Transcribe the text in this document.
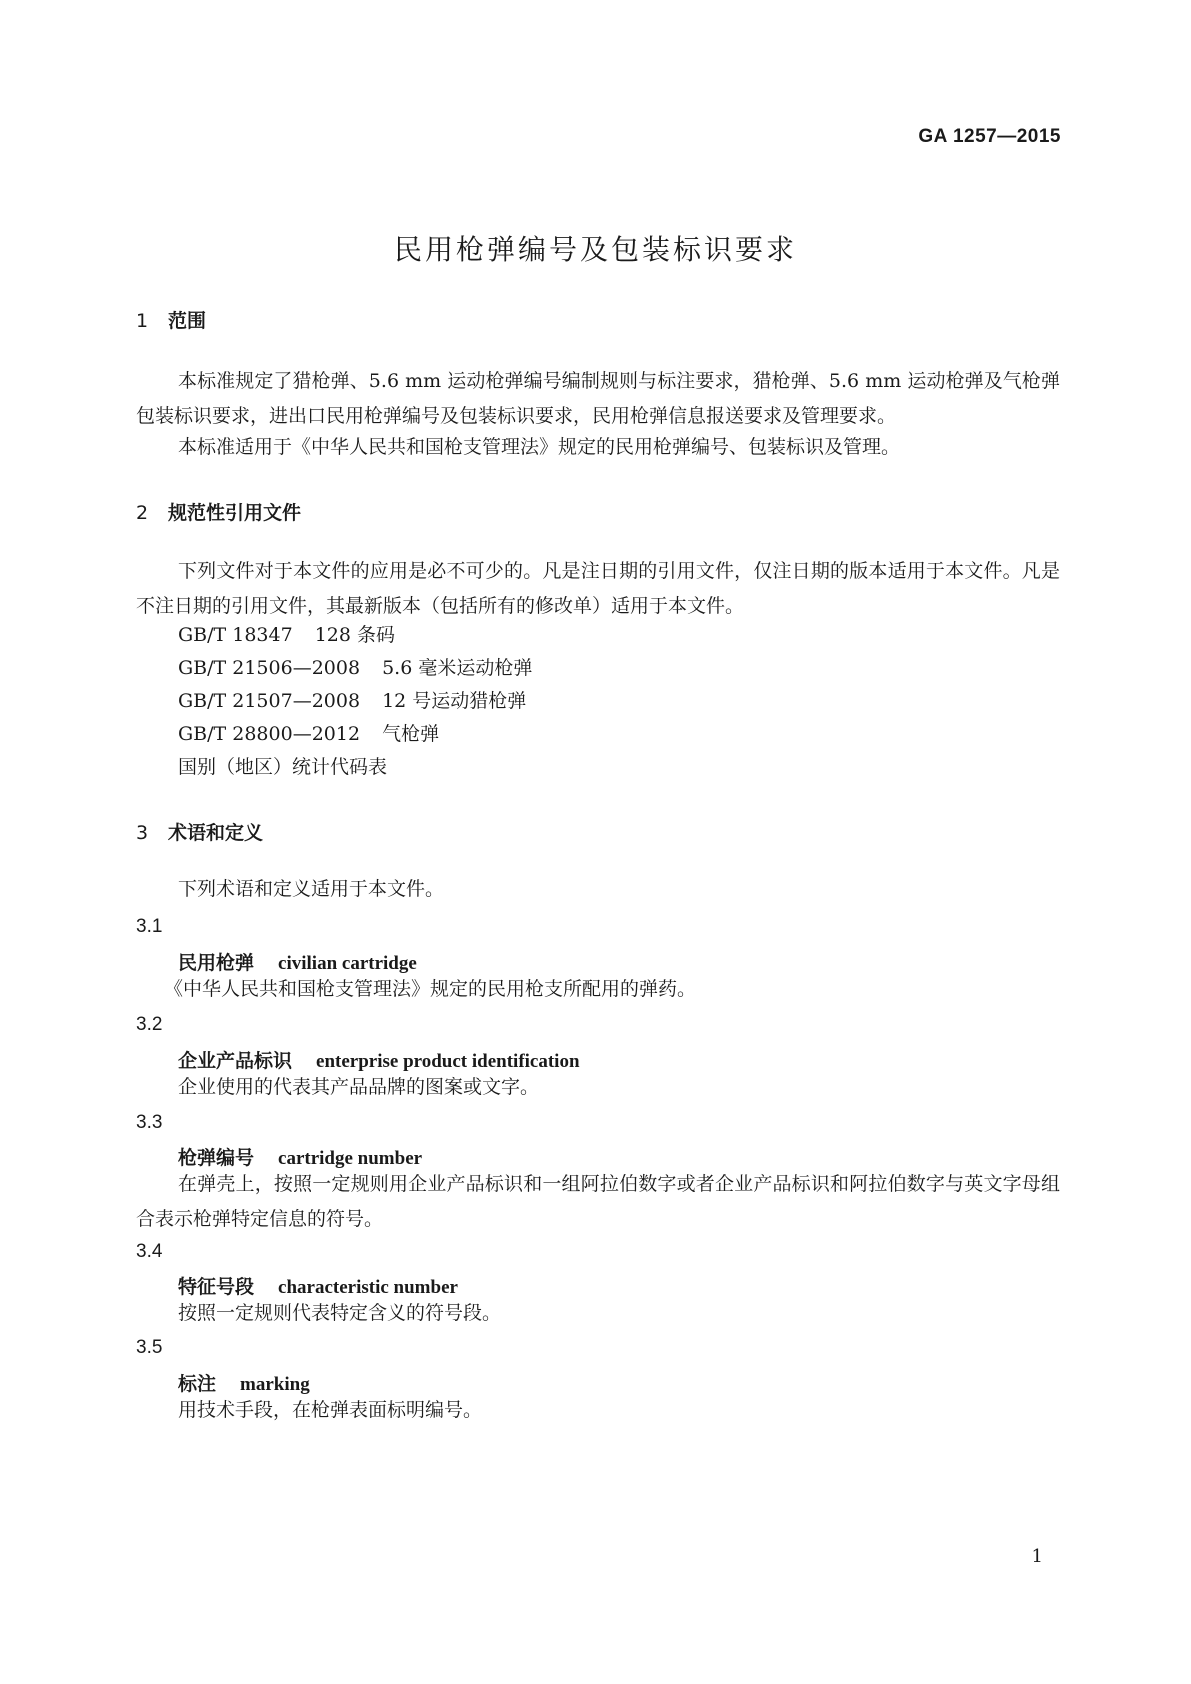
GA 1257—2015
民用枪弹编号及包装标识要求
1 范围
本标准规定了猎枪弹、5.6 mm 运动枪弹编号编制规则与标注要求，猎枪弹、5.6 mm 运动枪弹及气枪弹包装标识要求，进出口民用枪弹编号及包装标识要求，民用枪弹信息报送要求及管理要求。
本标准适用于《中华人民共和国枪支管理法》规定的民用枪弹编号、包装标识及管理。
2 规范性引用文件
下列文件对于本文件的应用是必不可少的。凡是注日期的引用文件，仅注日期的版本适用于本文件。凡是不注日期的引用文件，其最新版本（包括所有的修改单）适用于本文件。
GB/T 18347 128 条码
GB/T 21506—2008 5.6 毫米运动枪弹
GB/T 21507—2008 12 号运动猎枪弹
GB/T 28800—2012 气枪弹
国别（地区）统计代码表
3 术语和定义
下列术语和定义适用于本文件。
3.1
民用枪弹 civilian cartridge
《中华人民共和国枪支管理法》规定的民用枪支所配用的弹药。
3.2
企业产品标识 enterprise product identification
企业使用的代表其产品品牌的图案或文字。
3.3
枪弹编号 cartridge number
在弹壳上，按照一定规则用企业产品标识和一组阿拉伯数字或者企业产品标识和阿拉伯数字与英文字母组合表示枪弹特定信息的符号。
3.4
特征号段 characteristic number
按照一定规则代表特定含义的符号段。
3.5
标注 marking
用技术手段，在枪弹表面标明编号。
1
